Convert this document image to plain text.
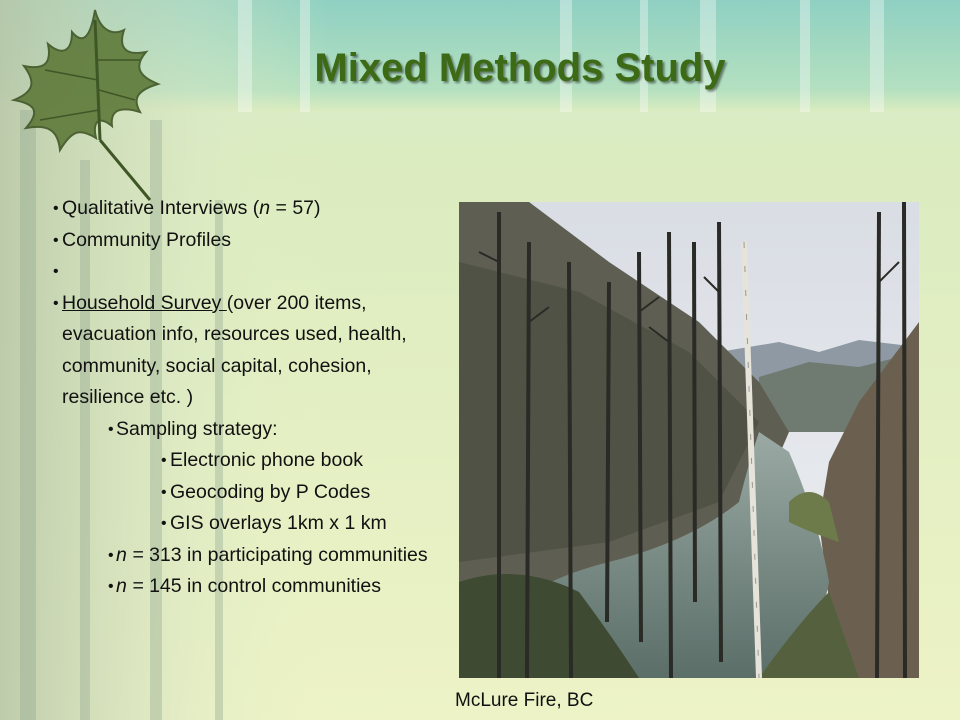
Mixed Methods Study

• Qualitative Interviews (n = 57)

• Community Profiles

•

• Household Survey (over 200 items, evacuation info, resources used, health, community, social capital, cohesion, resilience etc. )

• Sampling strategy:

• Electronic phone book

• Geocoding by P Codes

• GIS overlays 1km x 1 km

• n = 313 in participating communities

• n = 145 in control communities

McLure Fire, BC
